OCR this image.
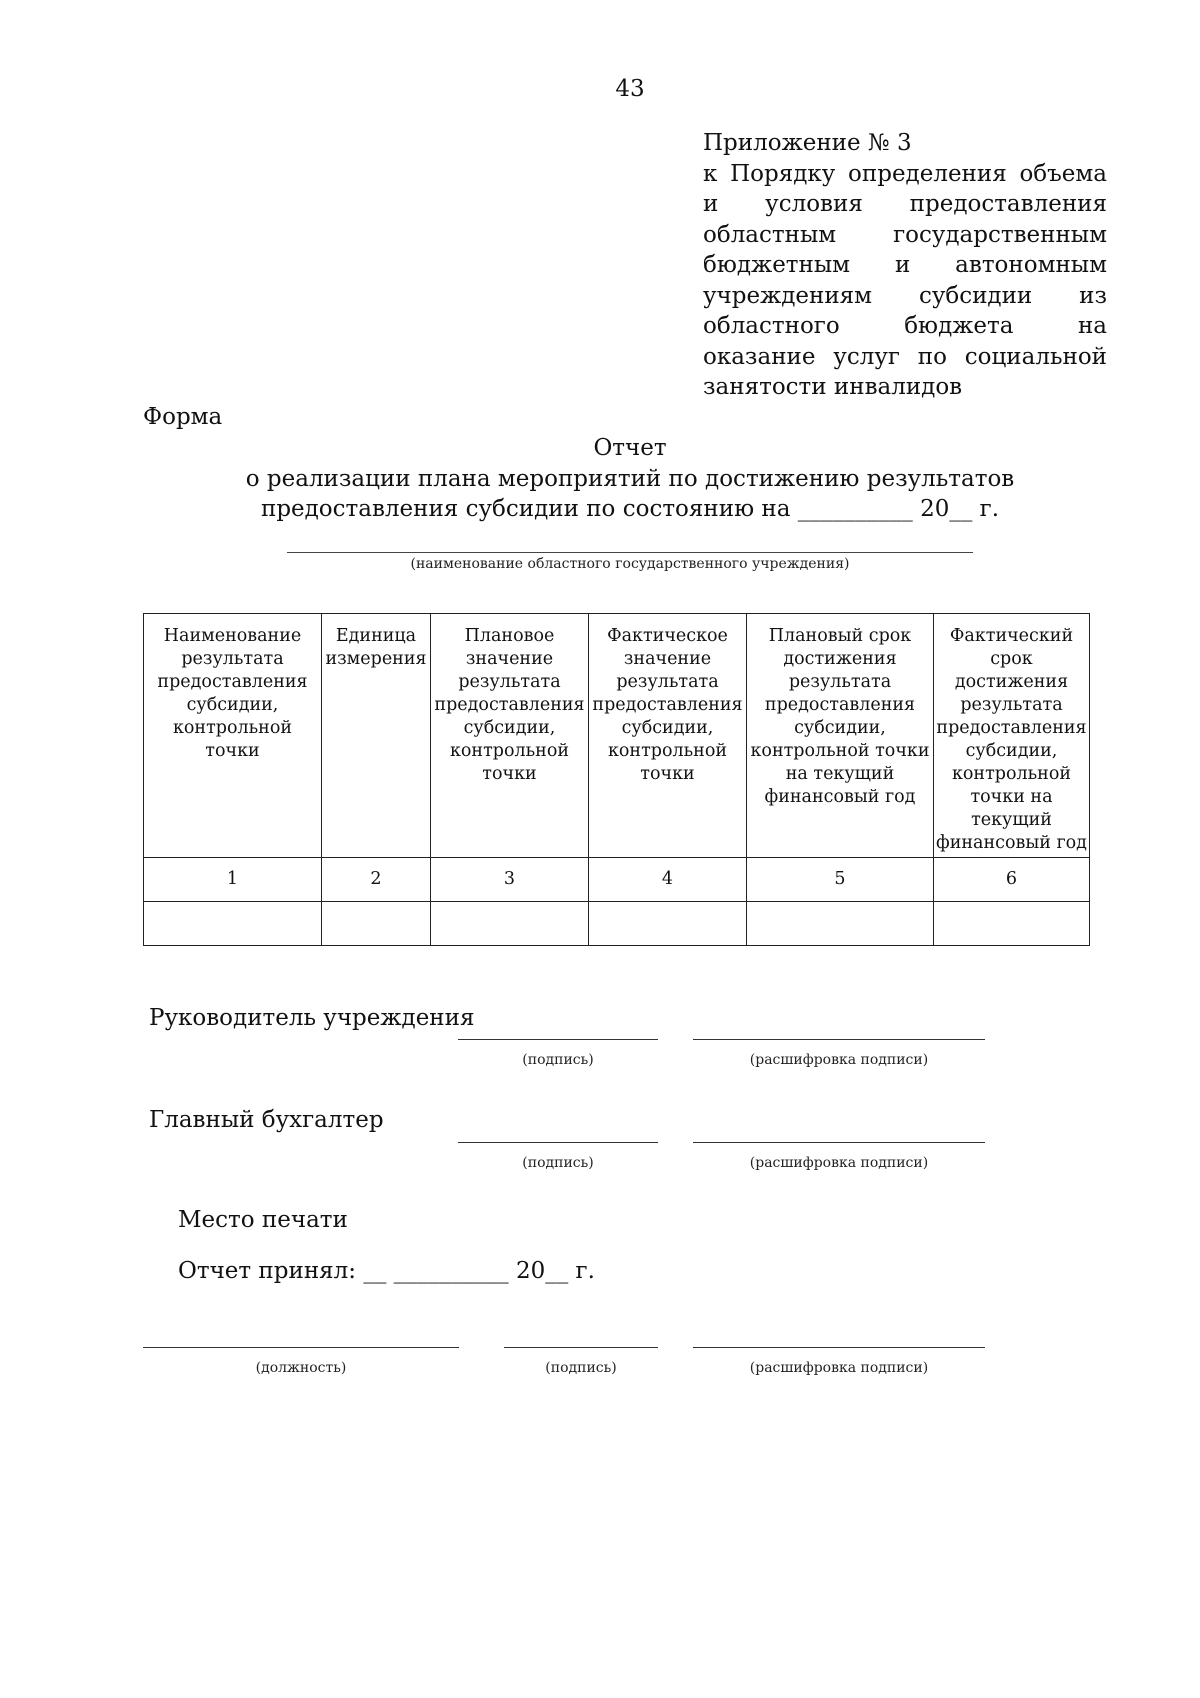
43
Приложение № 3
к Порядку определения объема и условия предоставления областным государственным бюджетным и автономным учреждениям субсидии из областного бюджета на оказание услуг по социальной занятости инвалидов
Форма
Отчет
о реализации плана мероприятий по достижению результатов
предоставления субсидии по состоянию на __________ 20__ г.
(наименование областного государственного учреждения)
Наименование результата предоставления субсидии, контрольной точки	Единица измерения	Плановое значение результата предоставления субсидии, контрольной точки	Фактическое значение результата предоставления субсидии, контрольной точки	Плановый срок достижения результата предоставления субсидии, контрольной точки на текущий финансовый год	Фактический срок достижения результата предоставления субсидии, контрольной точки на текущий финансовый год
1	2	3	4	5	6

Руководитель учреждения
(подпись)	(расшифровка подписи)
Главный бухгалтер
(подпись)	(расшифровка подписи)
Место печати
Отчет принял: __ __________ 20__ г.
(должность)	(подпись)	(расшифровка подписи)
